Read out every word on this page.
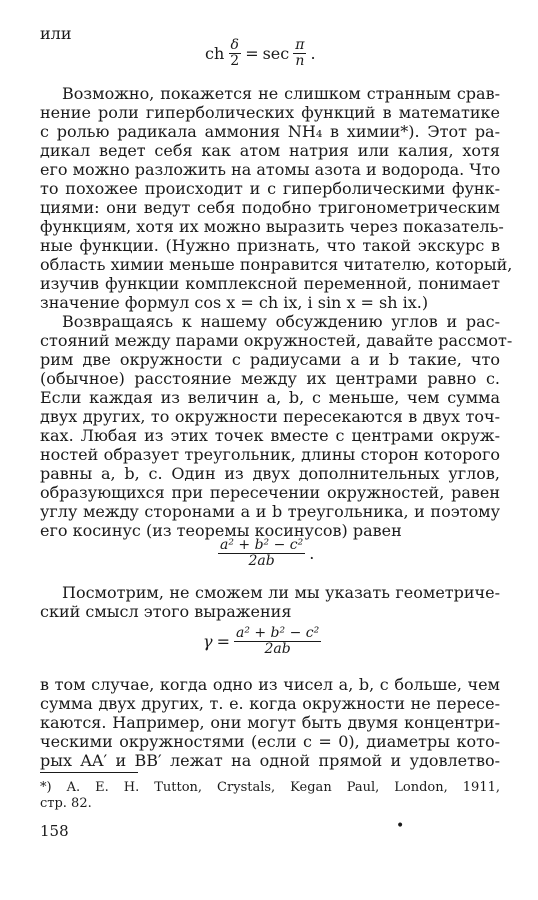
или
ch $\frac{\delta}{2} = \sec \frac{\pi}{n}$ .
Возможно, покажется не слишком странным срав-
нение роли гиперболических функций в математике
с ролью радикала аммония NH₄ в химии*). Этот ра-
дикал ведет себя как атом натрия или калия, хотя
его можно разложить на атомы азота и водорода. Что
то похожее происходит и с гиперболическими функ-
циями: они ведут себя подобно тригонометрическим
функциям, хотя их можно выразить через показатель-
ные функции. (Нужно признать, что такой экскурс в
область химии меньше понравится читателю, который,
изучив функции комплексной переменной, понимает
значение формул cos x = ch ix, i sin x = sh ix.)
Возвращаясь к нашему обсуждению углов и рас-
стояний между парами окружностей, давайте рассмот-
рим две окружности с радиусами a и b такие, что
(обычное) расстояние между их центрами равно c.
Если каждая из величин a, b, c меньше, чем сумма
двух других, то окружности пересекаются в двух точ-
ках. Любая из этих точек вместе с центрами окруж-
ностей образует треугольник, длины сторон которого
равны a, b, c. Один из двух дополнительных углов,
образующихся при пересечении окружностей, равен
углу между сторонами a и b треугольника, и поэтому
его косинус (из теоремы косинусов) равен
$\frac{\text{a² + b² − c²}}{2ab}$ .
Посмотрим, не сможем ли мы указать геометриче-
ский смысл этого выражения
$\gamma = \frac{\text{a² + b² − c²}}{2ab}$
в том случае, когда одно из чисел a, b, c больше, чем
сумма двух других, т. е. когда окружности не пересе-
каются. Например, они могут быть двумя концентри-
ческими окружностями (если c = 0), диаметры кото-
рых AA′ и BB′ лежат на одной прямой и удовлетво-
*) A. E. H. Tutton, Crystals, Kegan Paul, London, 1911,
стр. 82.
158	•
